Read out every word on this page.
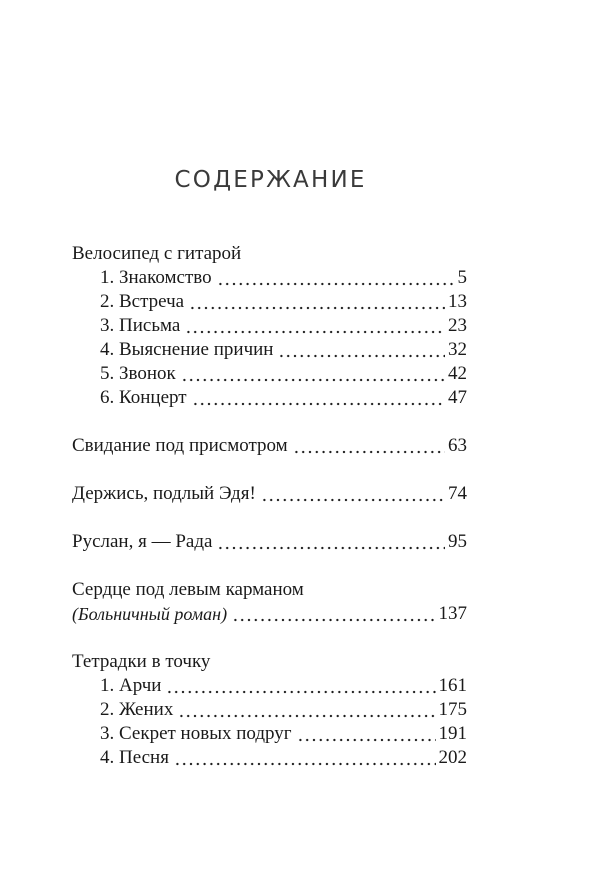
СОДЕРЖАНИЕ
Велосипед с гитарой
1. Знакомство	5
2. Встреча	13
3. Письма	23
4. Выяснение причин	32
5. Звонок	42
6. Концерт	47
Свидание под присмотром	63
Держись, подлый Эдя!	74
Руслан, я — Рада	95
Сердце под левым карманом
(Больничный роман)	137
Тетрадки в точку
1. Арчи	161
2. Жених	175
3. Секрет новых подруг	191
4. Песня	202
